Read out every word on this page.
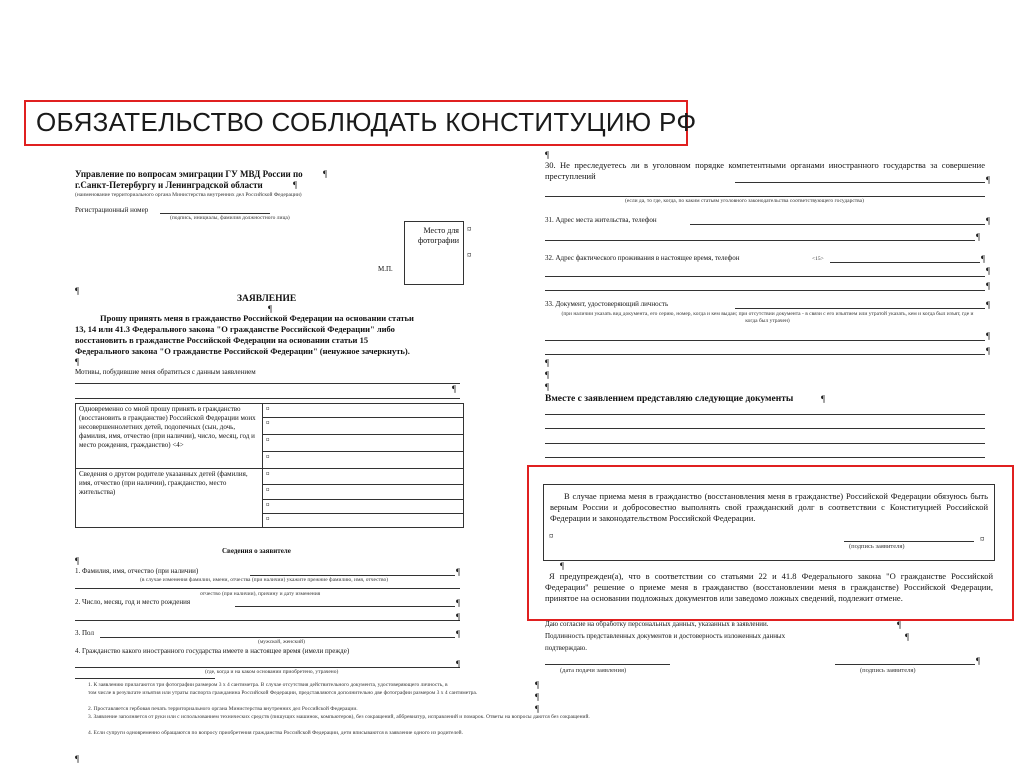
ОБЯЗАТЕЛЬСТВО СОБЛЮДАТЬ КОНСТИТУЦИЮ РФ
Управление по вопросам эмиграции ГУ МВД России по ¶
г.Санкт-Петербургу и Ленинградской области	¶
(наименование территориального органа Министерства внутренних дел Российской Федерации)
Регистрационный номер
(подпись, инициалы, фамилия должностного лица)
Место для фотографии
¤
¤
М.П.
¶
ЗАЯВЛЕНИЕ
¶
Прошу принять меня в гражданство Российской Федерации на основании статьи
13, 14 или 41.3 Федерального закона "О гражданстве Российской Федерации" либо
восстановить в гражданстве Российской Федерации на основании статьи 15
Федерального закона "О гражданстве Российской Федерации" (ненужное зачеркнуть).
¶
Мотивы, побудившие меня обратиться с данным заявлением
¶
Одновременно со мной прошу принять в гражданство (восстановить в гражданстве) Российской Федерации моих несовершеннолетних детей, подопечных (сын, дочь, фамилия, имя, отчество (при наличии), число, месяц, год и место рождения, гражданство) <4>	¤
	¤
	¤
	¤
Сведения о другом родителе указанных детей (фамилия, имя, отчество (при наличии), гражданство, место жительства)	¤
	¤
	¤
	¤
Сведения о заявителе
¶
1. Фамилия, имя, отчество (при наличии)	¶
(в случае изменения фамилии, имени, отчества (при наличии) укажите прежние фамилию, имя, отчество)
отчество (при наличии), причину и дату изменения
2. Число, месяц, год и место рождения	¶
¶
3. Пол	¶
(мужской, женский)
4. Гражданство какого иностранного государства имеете в настоящее время (имели прежде)
¶
(где, когда и на каком основании приобретено, утрачено)
1. К заявлению прилагаются три фотографии размером 3 х 4 сантиметра. В случае отсутствия действительного документа, удостоверяющего личность, в
том числе в результате изъятия или утраты паспорта гражданина Российской Федерации, представляются дополнительно две фотографии размером 3 х 4 сантиметра.
2. Проставляется гербовая печать территориального органа Министерства внутренних дел Российской Федерации.
3. Заявление заполняется от руки или с использованием технических средств (пишущих машинок, компьютеров), без сокращений, аббревиатур, исправлений и помарок. Ответы на вопросы даются без сокращений.
4. Если супруги одновременно обращаются по вопросу приобретения гражданства Российской Федерации, дети вписываются в заявление одного из родителей.
¶
¶
30. Не преследуетесь ли в уголовном порядке компетентными органами иностранного государства за совершение преступлений	¶
(если да, то где, когда, по каким статьям уголовного законодательства соответствующего государства)
31. Адрес места жительства, телефон	¶
¶
32. Адрес фактического проживания в настоящее время, телефон	<15>	¶
¶
¶
33. Документ, удостоверяющий личность	¶
(при наличии указать вид документа, его серию, номер, когда и кем выдан; при отсутствии документа - в связи с его изъятием или утратой указать, кем и когда был изъят, где и когда был утрачен)
¶
¶
¶
¶
¶
Вместе с заявлением представляю следующие документы	¶
В случае приема меня в гражданство (восстановления меня в гражданстве) Российской Федерации обязуюсь быть верным России и добросовестно выполнять свой гражданский долг в соответствии с Конституцией Российской Федерации и законодательством Российской Федерации.
¤
(подпись заявителя)
¤
¶
Я предупрежден(а), что в соответствии со статьями 22 и 41.8 Федерального закона "О гражданстве Российской Федерации" решение о приеме меня в гражданство (восстановлении меня в гражданстве) Российской Федерации, принятое на основании подложных документов или заведомо ложных сведений, подлежит отмене.
Даю согласие на обработку персональных данных, указанных в заявлении.	¶
Подлинность представленных документов и достоверность изложенных данных	¶
подтверждаю.
¶
(дата подачи заявления)	(подпись заявителя)
¶
¶
¶
